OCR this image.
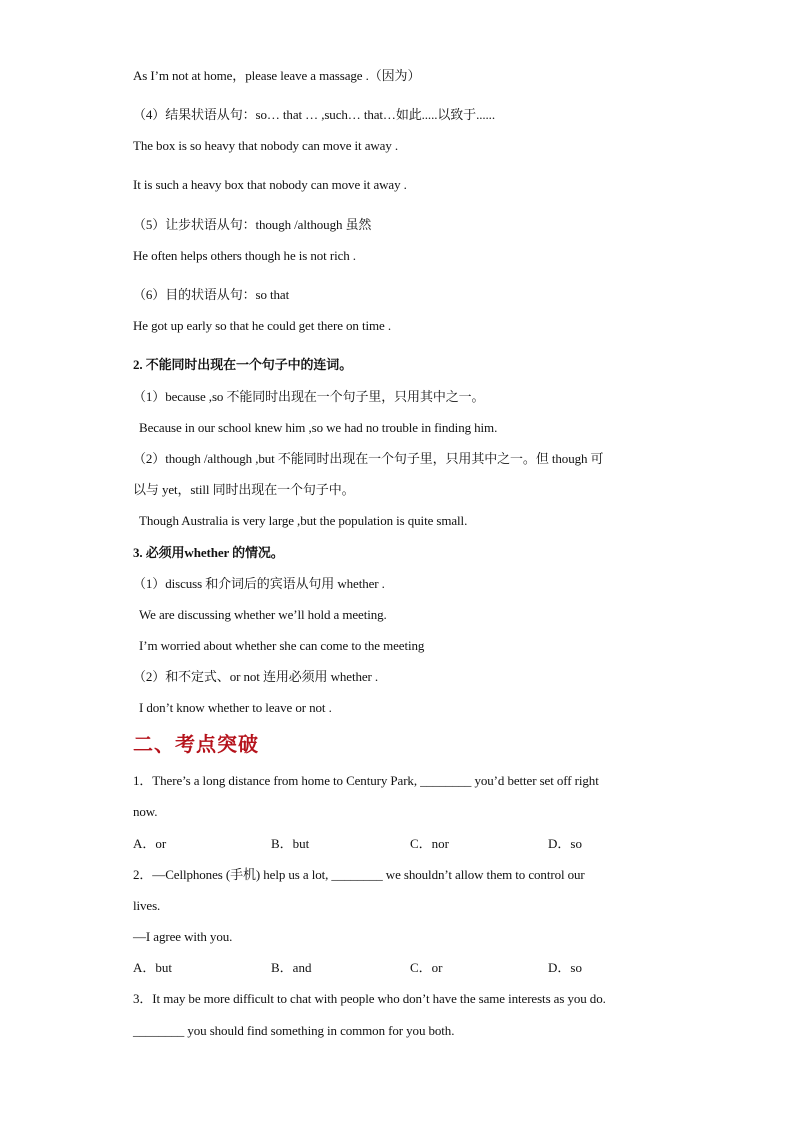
As I’m not at home，please leave a massage .（因为）
（4）结果状语从句：so… that … ,such… that…如此.....以致于......
The box is so heavy that nobody can move it away .
It is such a heavy box that nobody can move it away .
（5）让步状语从句：though /although 虽然
He often helps others though he is not rich .
（6）目的状语从句：so that
He got up early so that he could get there on time .
2. 不能同时出现在一个句子中的连词。
（1）because ,so 不能同时出现在一个句子里，只用其中之一。
Because in our school knew him ,so we had no trouble in finding him.
（2）though /although ,but 不能同时出现在一个句子里，只用其中之一。但 though 可
以与 yet，still 同时出现在一个句子中。
Though Australia is very large ,but the population is quite small.
3. 必须用whether 的情况。
（1）discuss 和介词后的宾语从句用 whether .
We are discussing whether we’ll hold a meeting.
I’m worried about whether she can come to the meeting
（2）和不定式、or not 连用必须用 whether .
I don’t know whether to leave or not .
二、考点突破
1．There’s a long distance from home to Century Park, ________ you’d better set off right
now.
A．or	B．but	C．nor	D．so
2．—Cellphones (手机) help us a lot, ________ we shouldn’t allow them to control our
lives.
—I agree with you.
A．but	B．and	C．or	D．so
3．It may be more difficult to chat with people who don’t have the same interests as you do.
________ you should find something in common for you both.
